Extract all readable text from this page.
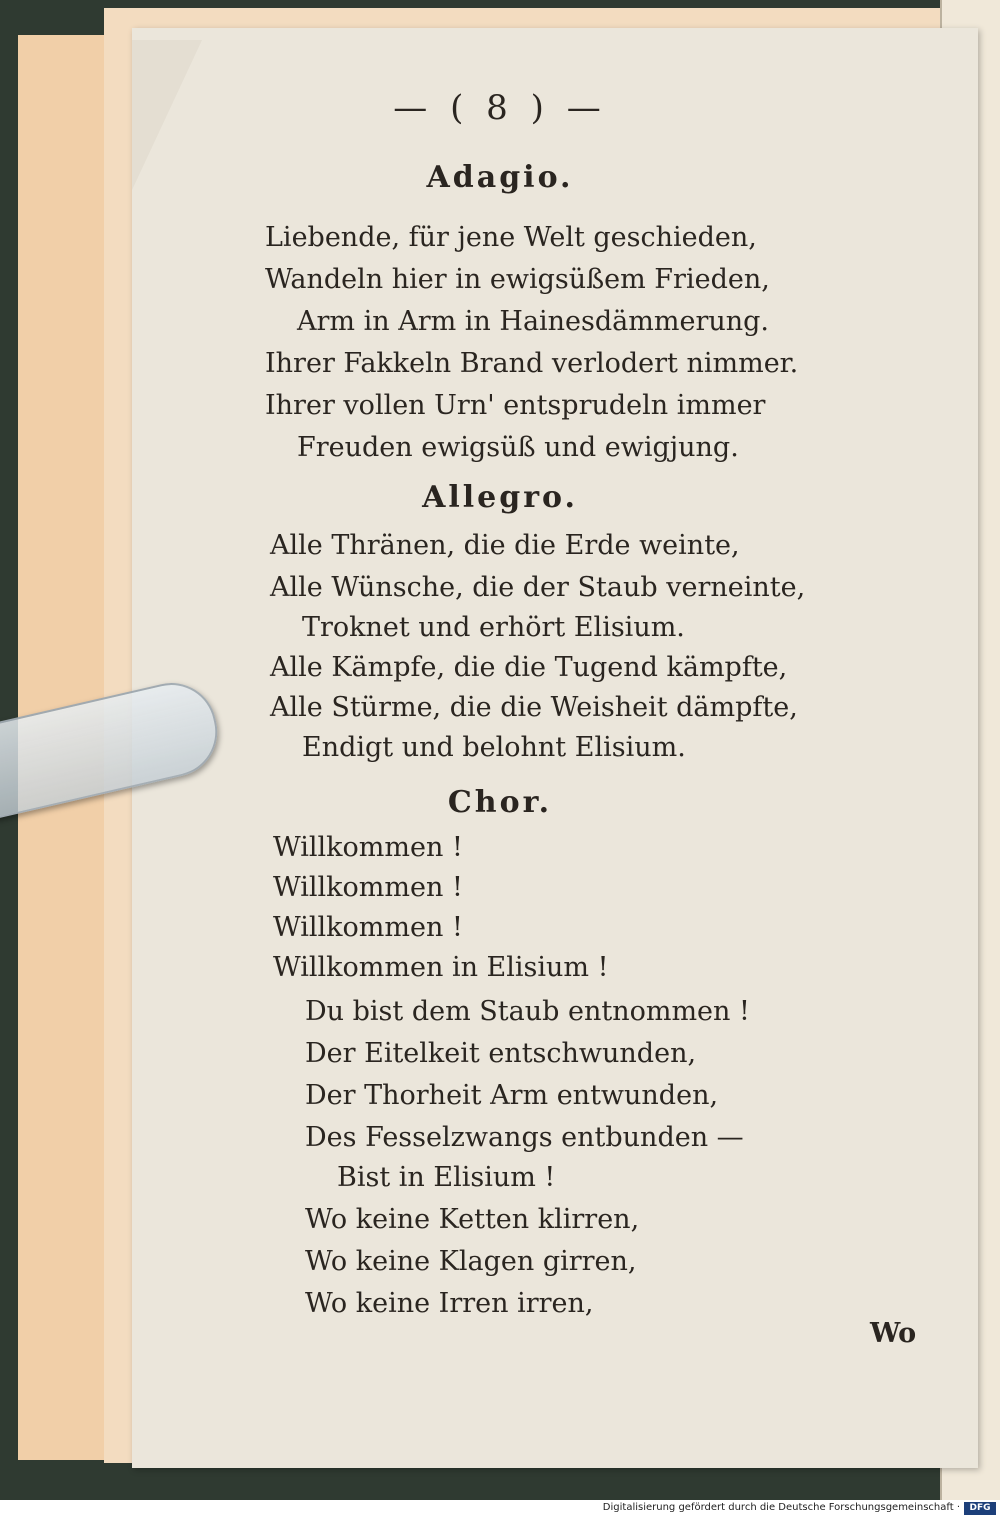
— ( 8 ) —
Adagio.
Liebende, für jene Welt geschieden,
Wandeln hier in ewigsüßem Frieden,
Arm in Arm in Hainesdämmerung.
Ihrer Fakkeln Brand verlodert nimmer.
Ihrer vollen Urn' entsprudeln immer
Freuden ewigsüß und ewigjung.
Allegro.
Alle Thränen, die die Erde weinte,
Alle Wünsche, die der Staub verneinte,
Troknet und erhört Elisium.
Alle Kämpfe, die die Tugend kämpfte,
Alle Stürme, die die Weisheit dämpfte,
Endigt und belohnt Elisium.
Chor.
Willkommen !
Willkommen !
Willkommen !
Willkommen in Elisium !
Du bist dem Staub entnommen !
Der Eitelkeit entschwunden,
Der Thorheit Arm entwunden,
Des Fesselzwangs entbunden —
Bist in Elisium !
Wo keine Ketten klirren,
Wo keine Klagen girren,
Wo keine Irren irren,
Wo
Digitalisierung gefördert durch die Deutsche Forschungsgemeinschaft ·	DFG
